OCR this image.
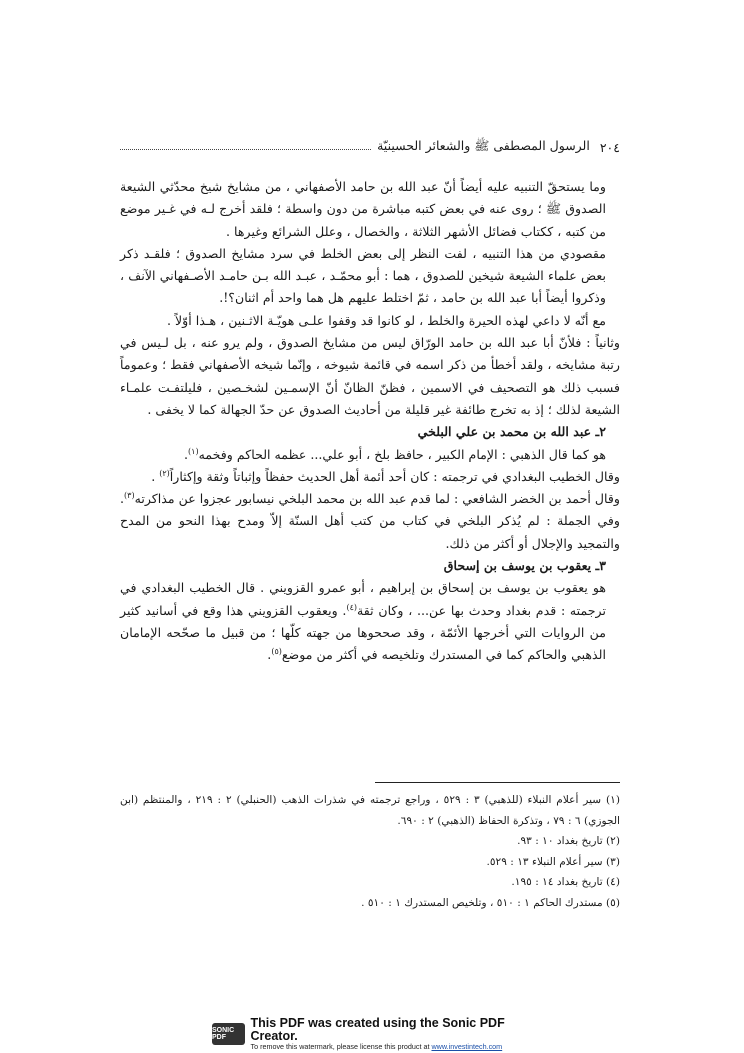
٢٠٤
الرسول المصطفى ﷺ والشعائر الحسينيّة

وما يستحقّ التنبيه عليه أيضاً أنّ عبد الله بن حامد الأصفهاني ، من مشايخ شيخ محدّثي الشيعة الصدوق ﷺ ؛ روى عنه في بعض كتبه مباشرة من دون واسطة ؛ فلقد أخرج لـه في غـير موضع من كتبه ، ككتاب فضائل الأشهر الثلاثة ، والخصال ، وعلل الشرائع وغيرها .

مقصودي من هذا التنبيه ، لفت النظر إلى بعض الخلط في سرد مشايخ الصدوق ؛ فلقـد ذكر بعض علماء الشيعة شيخين للصدوق ، هما : أبو محمّـد ، عبـد الله بـن حامـد الأصـفهاني الآنف ، وذكروا أيضاً أبا عبد الله بن حامد ، ثمّ اختلط عليهم هل هما واحد أم اثنان؟!.

مع أنّه لا داعي لهذه الحيرة والخلط ، لو كانوا قد وقفوا علـى هويّـة الاثـنين ، هـذا أوّلاً .

وثانياً : فلأنّ أبا عبد الله بن حامد الورّاق ليس من مشايخ الصدوق ، ولم يرو عنه ، بل لـيس في رتبة مشايخه ، ولقد أخطأ من ذكر اسمه في قائمة شيوخه ، وإنّما شيخه الأصفهاني فقط ؛ وعموماً فسبب ذلك هو التصحيف في الاسمين ، فظنّ الظانّ أنّ الإسمـين لشخـصين ، فليلتفـت علمـاء الشيعة لذلك ؛ إذ به تخرج طائفة غير قليلة من أحاديث الصدوق عن حدّ الجهالة كما لا يخفى .

٢ـ عبد الله بن محمد بن علي البلخي

هو كما قال الذهبي : الإمام الكبير ، حافظ بلخ ، أبو علي... عظمه الحاكم وفخمه$^{(١)}$.

وقال الخطيب البغدادي في ترجمته : كان أحد أئمة أهل الحديث حفظاً وإثباتاً وثقة وإكثاراً$^{(٢)}$ .

وقال أحمد بن الخضر الشافعي : لما قدم عبد الله بن محمد البلخي نيسابور عجزوا عن مذاكرته$^{(٣)}$. وفي الجملة : لم يُذكر البلخي في كتاب من كتب أهل السنّة إلاّ ومدح بهذا النحو من المدح والتمجيد والإجلال أو أكثر من ذلك.

٣ـ يعقوب بن يوسف بن إسحاق

هو يعقوب بن يوسف بن إسحاق بن إبراهيم ، أبو عمرو القزويني . قال الخطيب البغدادي في ترجمته : قدم بغداد وحدث بها عن... ، وكان ثقة$^{(٤)}$. ويعقوب القزويني هذا وقع في أسانيد كثير من الروايات التي أخرجها الأئمّة ، وقد صححوها من جهته كلّها ؛ من قبيل ما صحّحه الإمامان الذهبي والحاكم كما في المستدرك وتلخيصه في أكثر من موضع$^{(٥)}$.

(١) سير أعلام النبلاء (للذهبي) ٣ : ٥٢٩ ، وراجع ترجمته في شذرات الذهب (الحنبلي) ٢ : ٢١٩ ، والمنتظم (ابن الجوزي) ٦ : ٧٩ ، وتذكرة الحفاظ (الذهبي) ٢ : ٦٩٠.

(٢) تاريخ بغداد ١٠ : ٩٣.

(٣) سير أعلام النبلاء ١٣ : ٥٢٩.

(٤) تاريخ بغداد ١٤ : ١٩٥.

(٥) مستدرك الحاكم ١ : ٥١٠ ، وتلخيص المستدرك ١ : ٥١٠ .

SONIC PDF
This PDF was created using the Sonic PDF Creator.
To remove this watermark, please license this product at www.investintech.com
